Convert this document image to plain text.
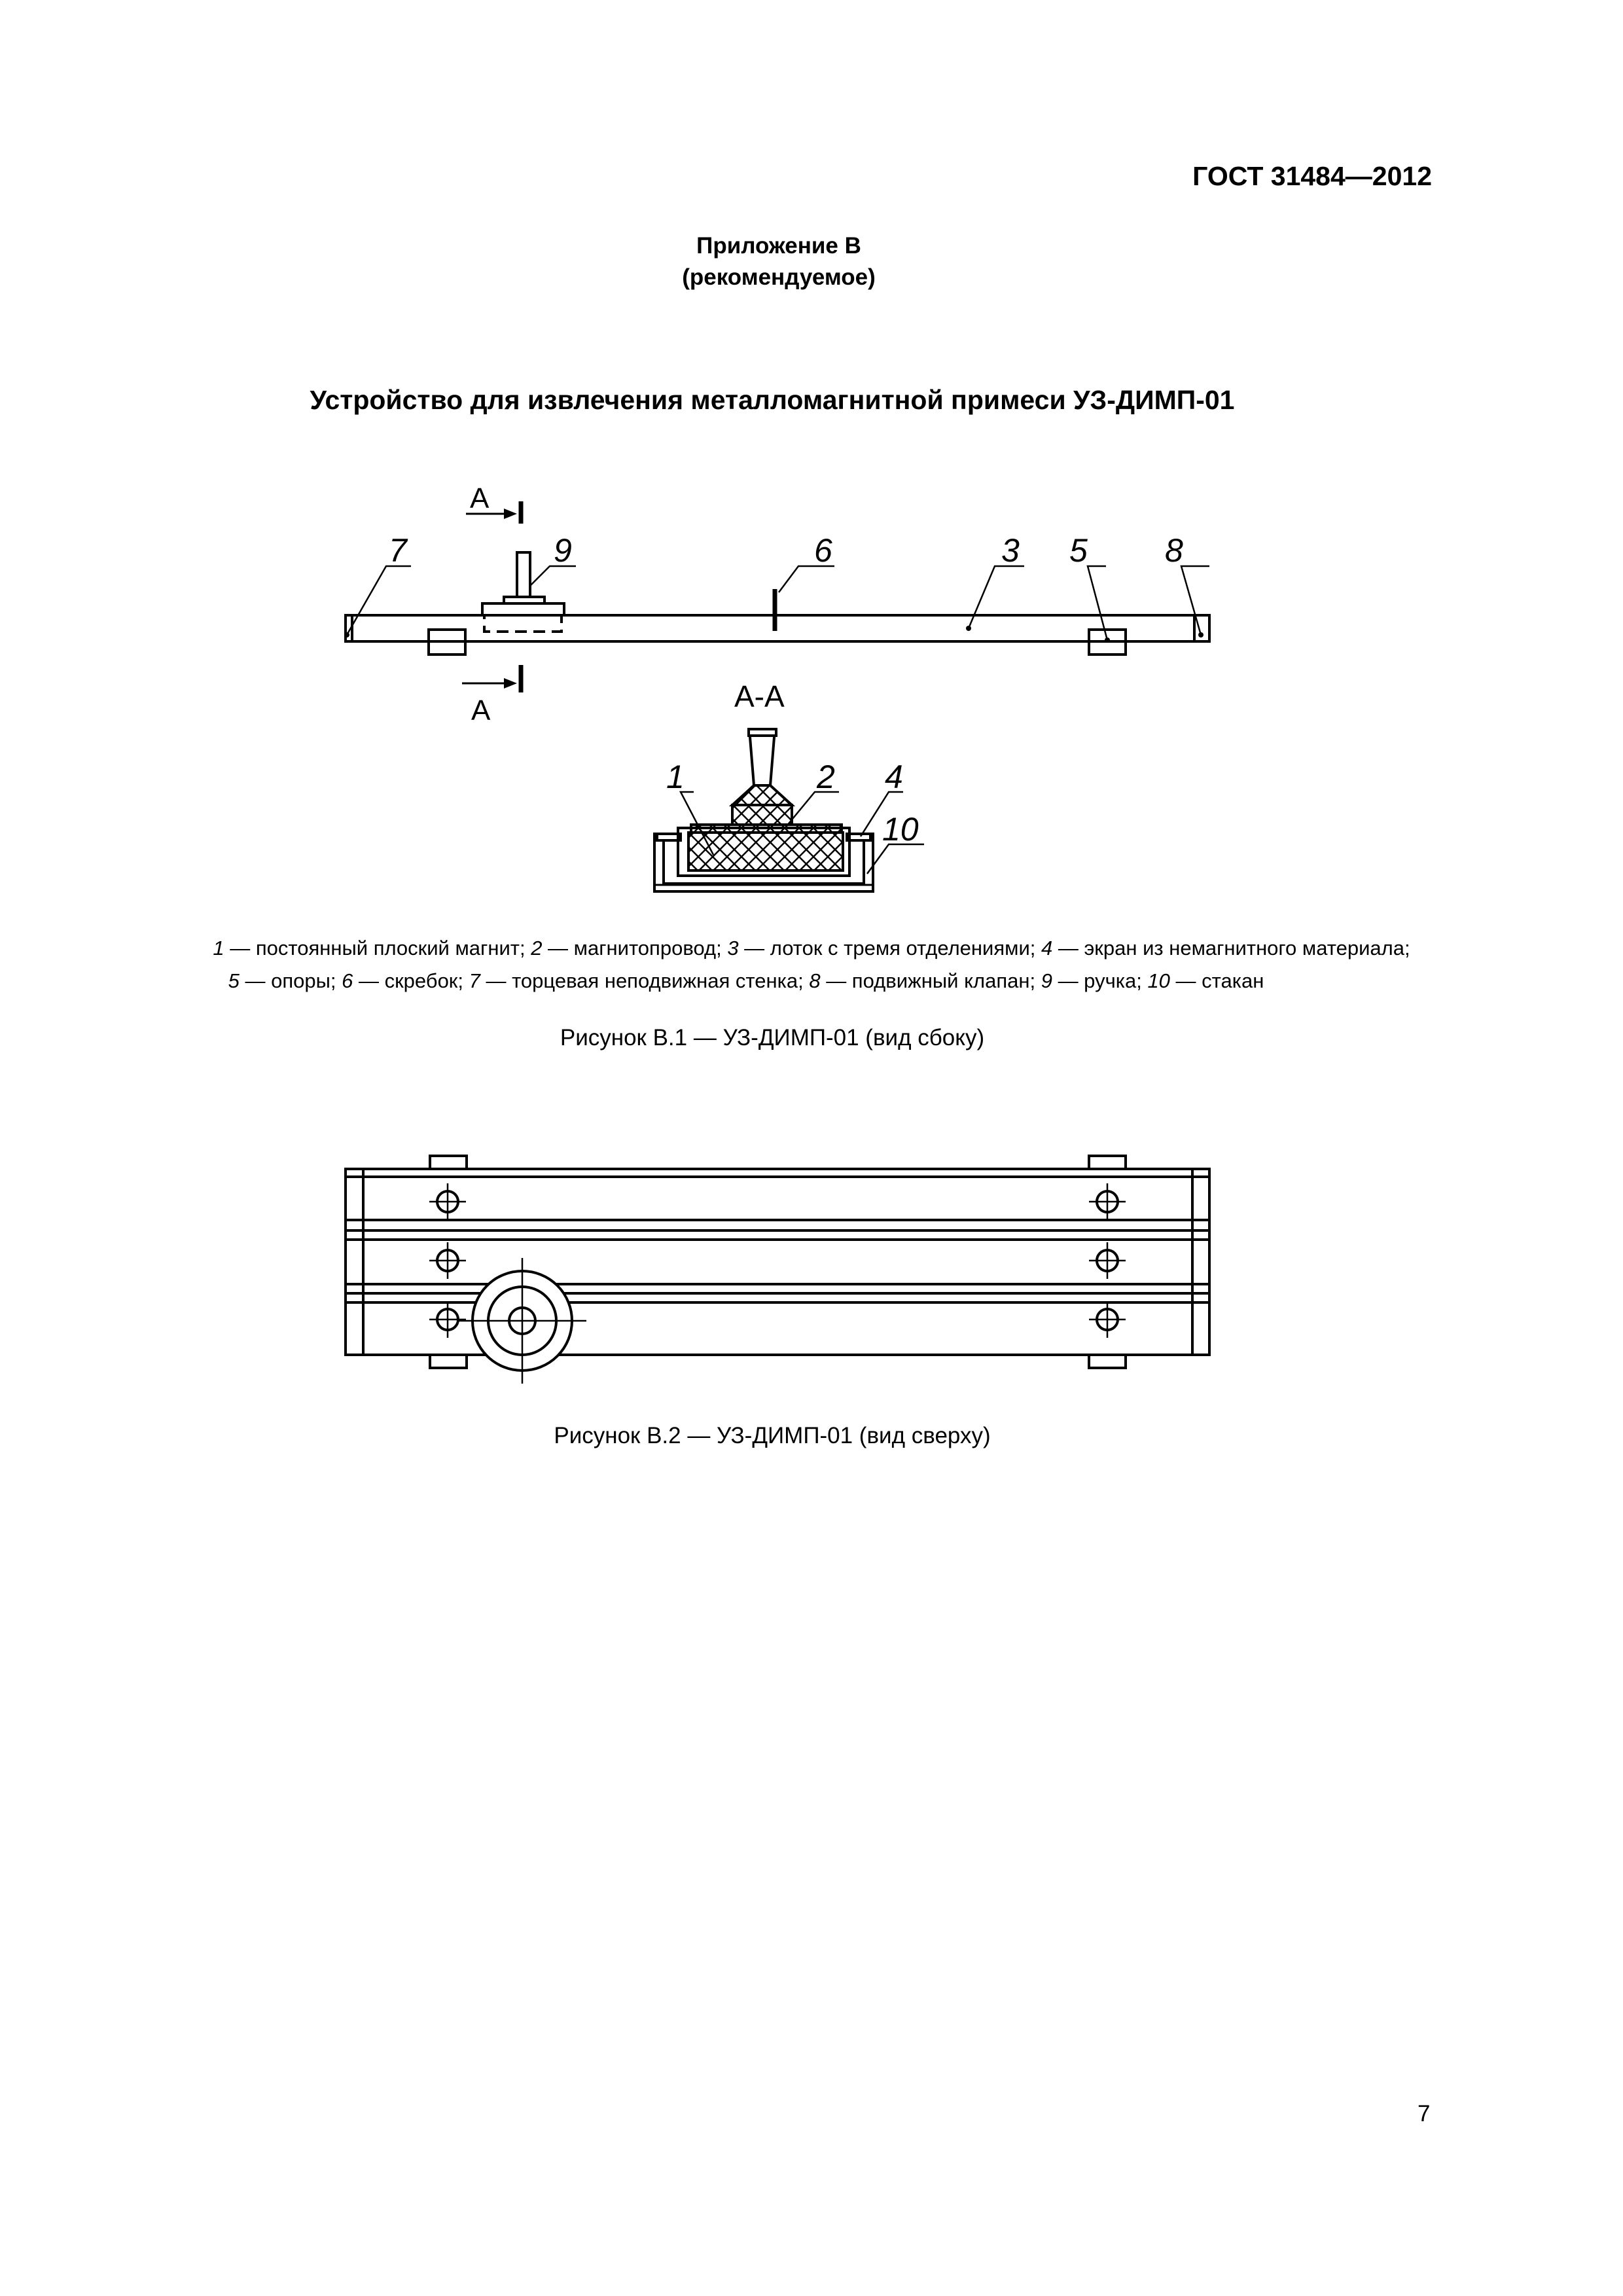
ГОСТ 31484—2012
Приложение В
(рекомендуемое)
Устройство для извлечения металломагнитной примеси УЗ-ДИМП-01
А
А
7	9	6	3 5 8
А-А
1	2 4
10
1 — постоянный плоский магнит; 2 — магнитопровод; 3 — лоток с тремя отделениями; 4 — экран из немагнитного материала;
5 — опоры; 6 — скребок; 7 — торцевая неподвижная стенка; 8 — подвижный клапан; 9 — ручка; 10 — стакан
Рисунок В.1 — УЗ-ДИМП-01 (вид сбоку)
Рисунок В.2 — УЗ-ДИМП-01 (вид сверху)
7
